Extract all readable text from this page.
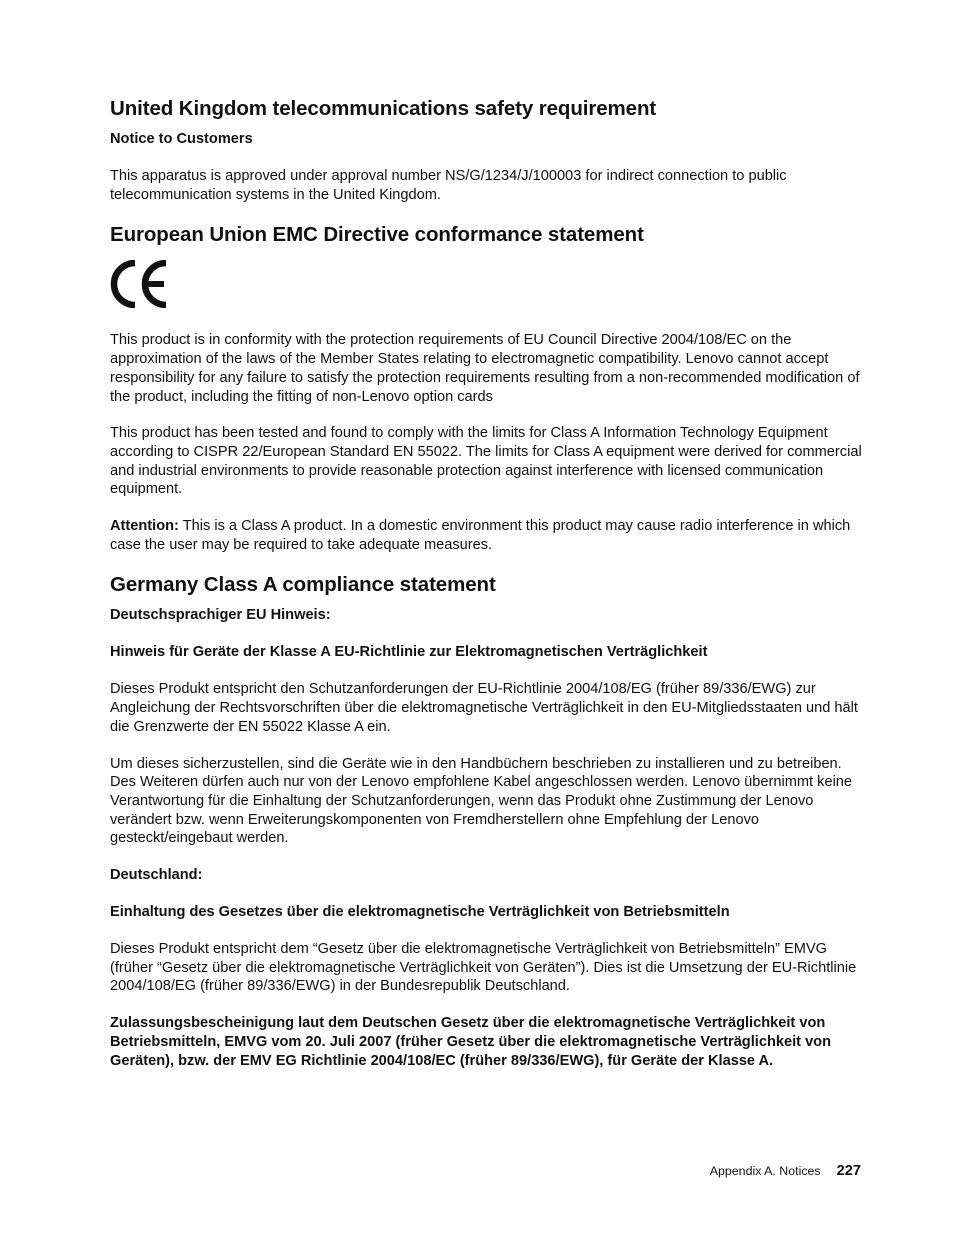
United Kingdom telecommunications safety requirement
Notice to Customers

This apparatus is approved under approval number NS/G/1234/J/100003 for indirect connection to public telecommunication systems in the United Kingdom.

European Union EMC Directive conformance statement

This product is in conformity with the protection requirements of EU Council Directive 2004/108/EC on the approximation of the laws of the Member States relating to electromagnetic compatibility. Lenovo cannot accept responsibility for any failure to satisfy the protection requirements resulting from a non-recommended modification of the product, including the fitting of non-Lenovo option cards

This product has been tested and found to comply with the limits for Class A Information Technology Equipment according to CISPR 22/European Standard EN 55022. The limits for Class A equipment were derived for commercial and industrial environments to provide reasonable protection against interference with licensed communication equipment.

Attention: This is a Class A product. In a domestic environment this product may cause radio interference in which case the user may be required to take adequate measures.

Germany Class A compliance statement
Deutschsprachiger EU Hinweis:
Hinweis für Geräte der Klasse A EU-Richtlinie zur Elektromagnetischen Verträglichkeit

Dieses Produkt entspricht den Schutzanforderungen der EU-Richtlinie 2004/108/EG (früher 89/336/EWG) zur Angleichung der Rechtsvorschriften über die elektromagnetische Verträglichkeit in den EU-Mitgliedsstaaten und hält die Grenzwerte der EN 55022 Klasse A ein.

Um dieses sicherzustellen, sind die Geräte wie in den Handbüchern beschrieben zu installieren und zu betreiben. Des Weiteren dürfen auch nur von der Lenovo empfohlene Kabel angeschlossen werden. Lenovo übernimmt keine Verantwortung für die Einhaltung der Schutzanforderungen, wenn das Produkt ohne Zustimmung der Lenovo verändert bzw. wenn Erweiterungskomponenten von Fremdherstellern ohne Empfehlung der Lenovo gesteckt/eingebaut werden.

Deutschland:
Einhaltung des Gesetzes über die elektromagnetische Verträglichkeit von Betriebsmitteln

Dieses Produkt entspricht dem “Gesetz über die elektromagnetische Verträglichkeit von Betriebsmitteln” EMVG (früher “Gesetz über die elektromagnetische Verträglichkeit von Geräten”). Dies ist die Umsetzung der EU-Richtlinie 2004/108/EG (früher 89/336/EWG) in der Bundesrepublik Deutschland.

Zulassungsbescheinigung laut dem Deutschen Gesetz über die elektromagnetische Verträglichkeit von Betriebsmitteln, EMVG vom 20. Juli 2007 (früher Gesetz über die elektromagnetische Verträglichkeit von Geräten), bzw. der EMV EG Richtlinie 2004/108/EC (früher 89/336/EWG), für Geräte der Klasse A.
Appendix A. Notices 227
